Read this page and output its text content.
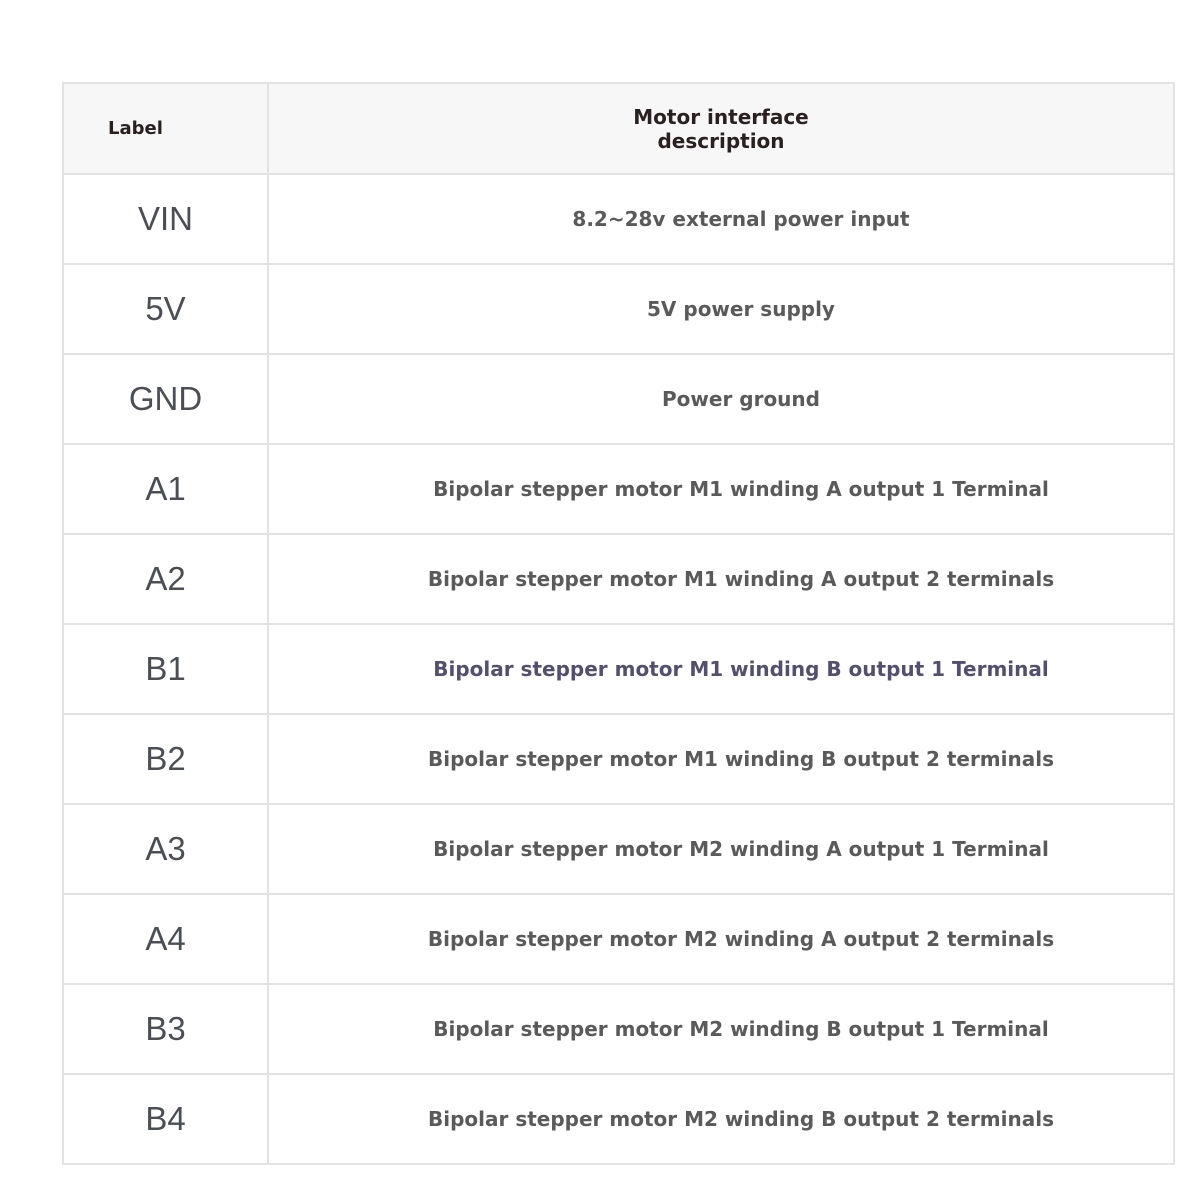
Label	Motor interface
description

VIN	8.2~28v external power input
5V	5V power supply
GND	Power ground
A1	Bipolar stepper motor M1 winding A output 1 Terminal
A2	Bipolar stepper motor M1 winding A output 2 terminals
B1	Bipolar stepper motor M1 winding B output 1 Terminal
B2	Bipolar stepper motor M1 winding B output 2 terminals
A3	Bipolar stepper motor M2 winding A output 1 Terminal
A4	Bipolar stepper motor M2 winding A output 2 terminals
B3	Bipolar stepper motor M2 winding B output 1 Terminal
B4	Bipolar stepper motor M2 winding B output 2 terminals
